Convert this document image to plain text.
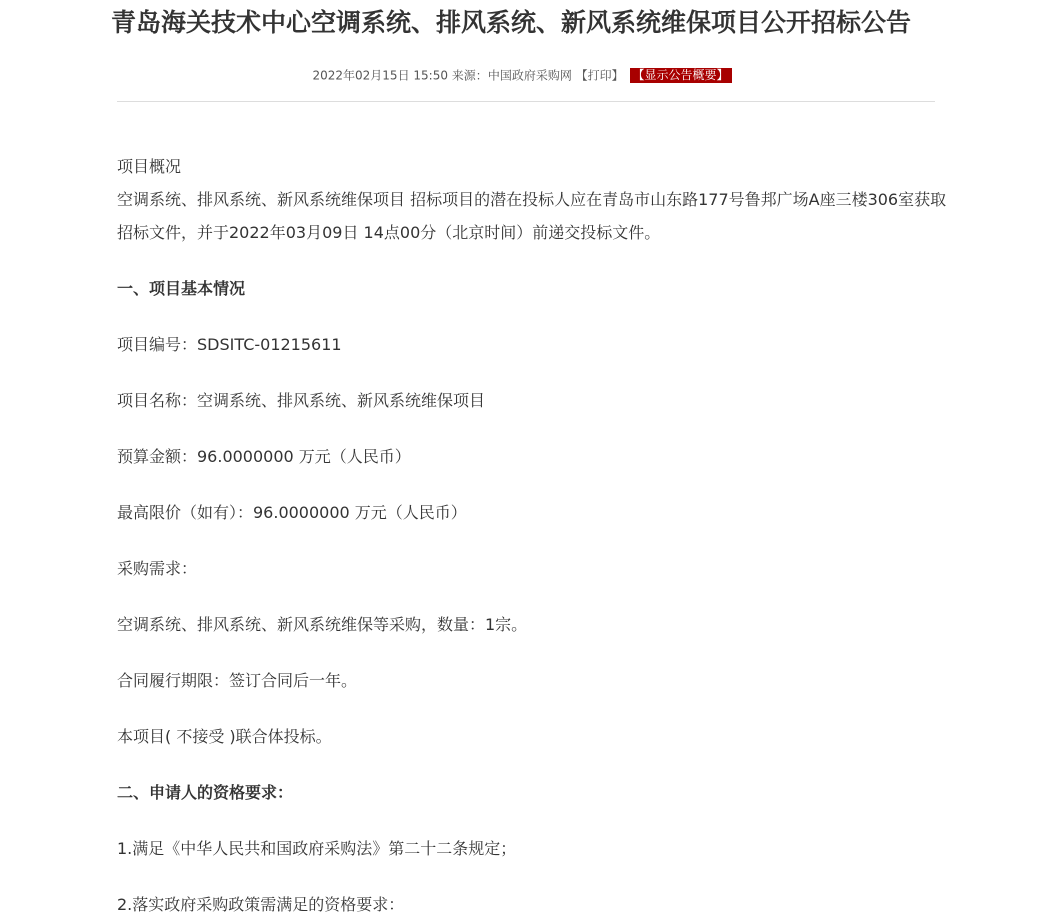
青岛海关技术中心空调系统、排风系统、新风系统维保项目公开招标公告
2022年02月15日 15:50 来源：中国政府采购网 【打印】 【显示公告概要】

项目概况

空调系统、排风系统、新风系统维保项目 招标项目的潜在投标人应在青岛市山东路177号鲁邦广场A座三楼306室获取招标文件，并于2022年03月09日 14点00分（北京时间）前递交投标文件。

一、项目基本情况

项目编号：SDSITC-01215611

项目名称：空调系统、排风系统、新风系统维保项目

预算金额：96.0000000 万元（人民币）

最高限价（如有）：96.0000000 万元（人民币）

采购需求：

空调系统、排风系统、新风系统维保等采购，数量：1宗。

合同履行期限：签订合同后一年。

本项目( 不接受 )联合体投标。

二、申请人的资格要求：

1.满足《中华人民共和国政府采购法》第二十二条规定；

2.落实政府采购政策需满足的资格要求：
